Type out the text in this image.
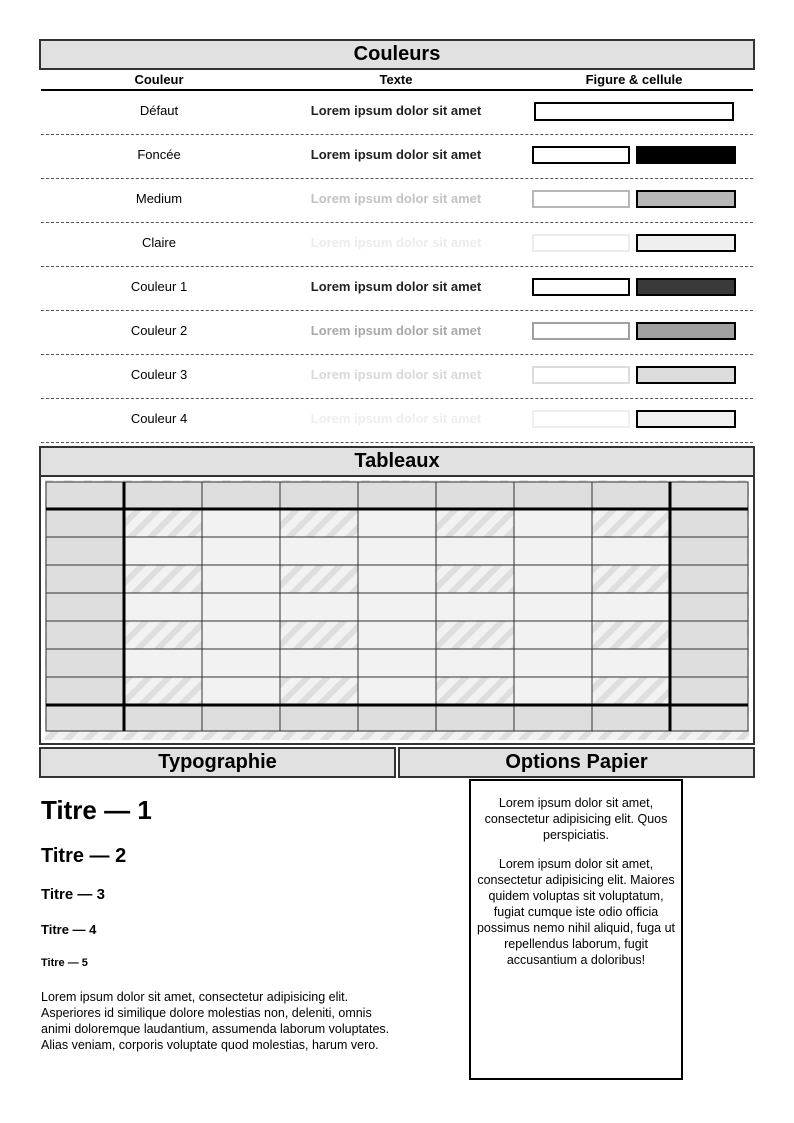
Couleurs
Couleur	Texte	Figure & cellule
Défaut	Lorem ipsum dolor sit amet
Foncée	Lorem ipsum dolor sit amet
Medium	Lorem ipsum dolor sit amet
Claire	Lorem ipsum dolor sit amet
Couleur 1	Lorem ipsum dolor sit amet
Couleur 2	Lorem ipsum dolor sit amet
Couleur 3	Lorem ipsum dolor sit amet
Couleur 4	Lorem ipsum dolor sit amet
Tableaux
Typographie
Titre — 1
Titre — 2
Titre — 3
Titre — 4
Titre — 5
Lorem ipsum dolor sit amet, consectetur adipisicing elit. Asperiores id similique dolore molestias non, deleniti, omnis animi doloremque laudantium, assumenda laborum voluptates. Alias veniam, corporis voluptate quod molestias, harum vero.
Options Papier

Lorem ipsum dolor sit amet, consectetur adipisicing elit. Quos perspiciatis.

Lorem ipsum dolor sit amet, consectetur adipisicing elit. Maiores quidem voluptas sit voluptatum, fugiat cumque iste odio officia possimus nemo nihil aliquid, fuga ut repellendus laborum, fugit accusantium a doloribus!
